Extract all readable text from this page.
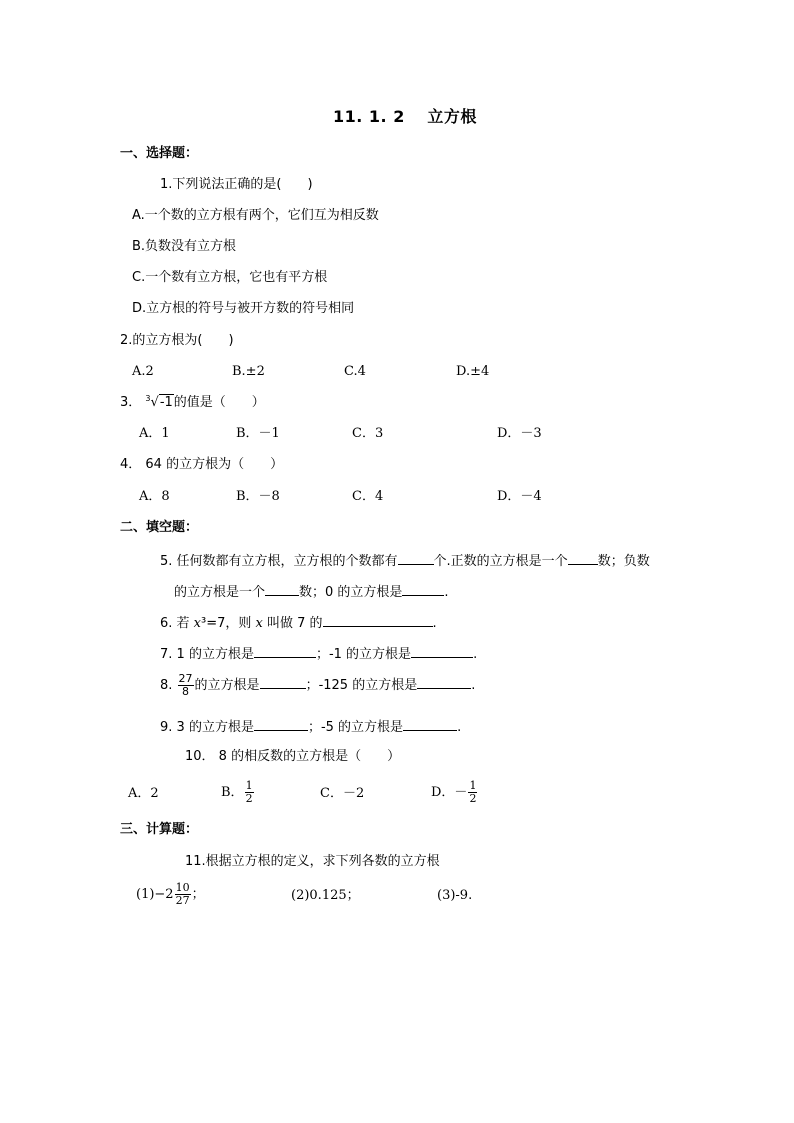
11. 1. 2　 立方根
一、选择题：
1.下列说法正确的是(　　)
A.一个数的立方根有两个，它们互为相反数
B.负数没有立方根
C.一个数有立方根，它也有平方根
D.立方根的符号与被开方数的符号相同
2.的立方根为(　　)
A.2	B.±2	C.4	D.±4
3． $^3$√-1的值是（　　）
A．1	B．－1	C．3	D．－3
4． 64 的立方根为（　　）
A．8	B．－8	C．4	D．－4
二、填空题：
5. 任何数都有立方根，立方根的个数都有	个.正数的立方根是一个 数；负数
的立方根是一个	数；0 的立方根是	.
6. 若 x³=7，则 x 叫做 7 的	.
7. 1 的立方根是	；-1 的立方根是	.
8. $\frac{27}{8}$ 的立方根是	；-125 的立方根是	.
9. 3 的立方根是	；-5 的立方根是	.
10． 8 的相反数的立方根是（　　）
A．2	B． $\frac{1}{2}$	C．－2	D．－ $\frac{1}{2}$
三、计算题：
11.根据立方根的定义，求下列各数的立方根
$(1)-2 \frac{10}{27}$ ；	(2)0.125；	(3)-9.
